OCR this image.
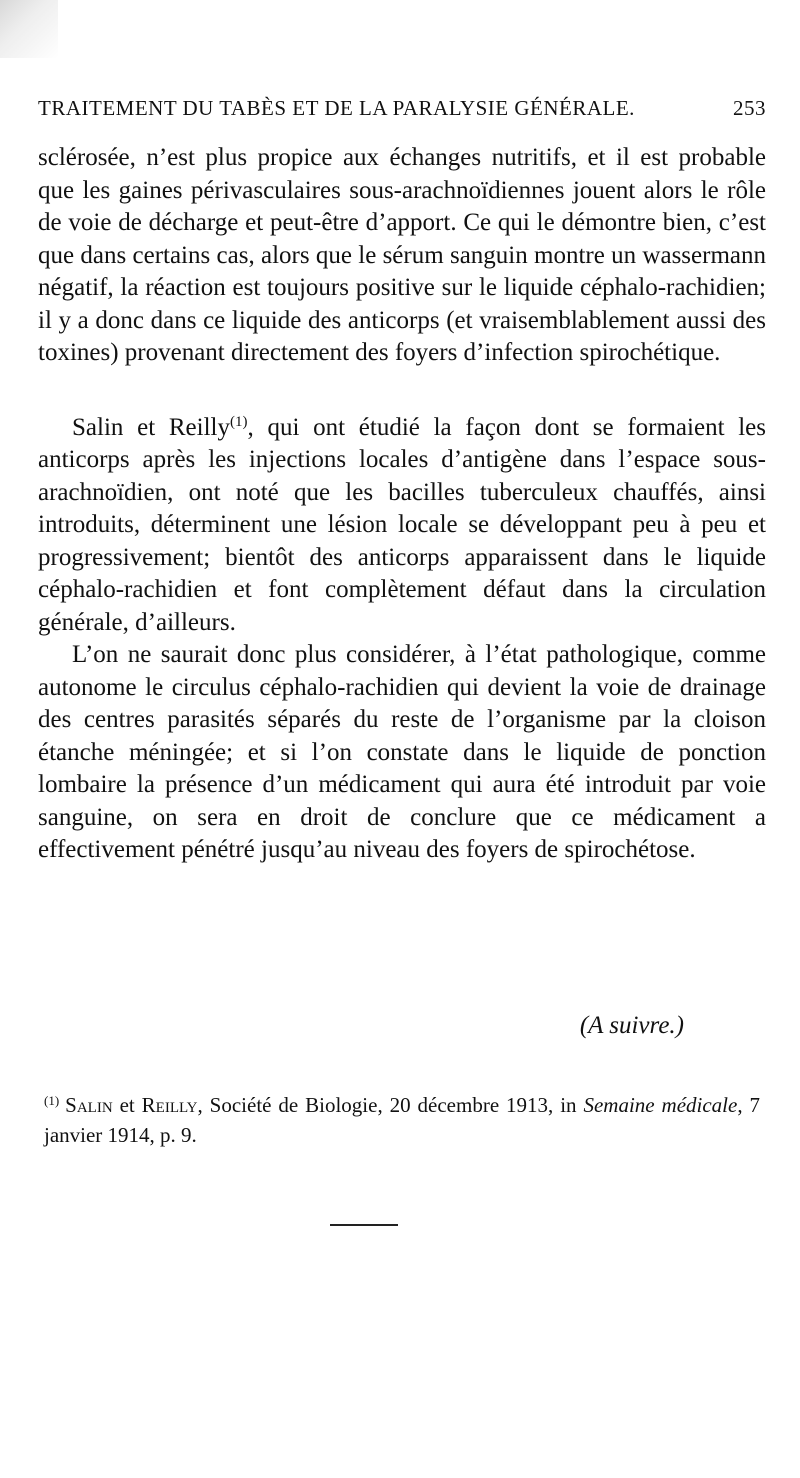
TRAITEMENT DU TABÈS ET DE LA PARALYSIE GÉNÉRALE.	253

sclérosée, n’est plus propice aux échanges nutritifs, et il est probable que les gaines périvasculaires sous-arachnoïdiennes jouent alors le rôle de voie de décharge et peut-être d’apport. Ce qui le démontre bien, c’est que dans certains cas, alors que le sérum sanguin montre un wassermann négatif, la réaction est toujours positive sur le liquide céphalo-rachidien; il y a donc dans ce liquide des anticorps (et vraisemblablement aussi des toxines) provenant directement des foyers d’infection spirochétique.

Salin et Reilly$^{(1)}$, qui ont étudié la façon dont se formaient les anticorps après les injections locales d’antigène dans l’espace sous-arachnoïdien, ont noté que les bacilles tuberculeux chauffés, ainsi introduits, déterminent une lésion locale se développant peu à peu et progressivement; bientôt des anticorps apparaissent dans le liquide céphalo-rachidien et font complètement défaut dans la circulation générale, d’ailleurs.

L’on ne saurait donc plus considérer, à l’état pathologique, comme autonome le circulus céphalo-rachidien qui devient la voie de drainage des centres parasités séparés du reste de l’organisme par la cloison étanche méningée; et si l’on constate dans le liquide de ponction lombaire la présence d’un médicament qui aura été introduit par voie sanguine, on sera en droit de conclure que ce médicament a effectivement pénétré jusqu’au niveau des foyers de spirochétose.

(A suivre.)
$^{(1)}$ Salin et Reilly, Société de Biologie, 20 décembre 1913, in Semaine médicale, 7 janvier 1914, p. 9.
